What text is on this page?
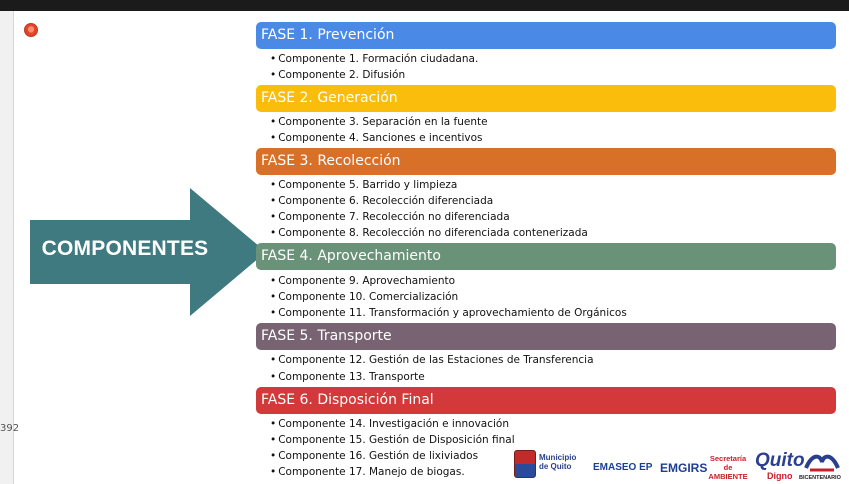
392
COMPONENTES
FASE 1. Prevención
• Componente 1. Formación ciudadana.
• Componente 2. Difusión
FASE 2. Generación
• Componente 3. Separación en la fuente
• Componente 4. Sanciones e incentivos
FASE 3. Recolección
• Componente 5. Barrido y limpieza
• Componente 6. Recolección diferenciada
• Componente 7. Recolección no diferenciada
• Componente 8. Recolección no diferenciada contenerizada
FASE 4. Aprovechamiento
• Componente 9. Aprovechamiento
• Componente 10. Comercialización
• Componente 11. Transformación y aprovechamiento de Orgánicos
FASE 5. Transporte
• Componente 12. Gestión de las Estaciones de Transferencia
• Componente 13. Transporte
FASE 6. Disposición Final
• Componente 14. Investigación e innovación
• Componente 15. Gestión de Disposición final
• Componente 16. Gestión de lixiviados
• Componente 17. Manejo de biogas.
Municipio de Quito	EMASEO EP EMGIRS
Secretaría de AMBIENTE
Quito
Digno BICENTENARIO
